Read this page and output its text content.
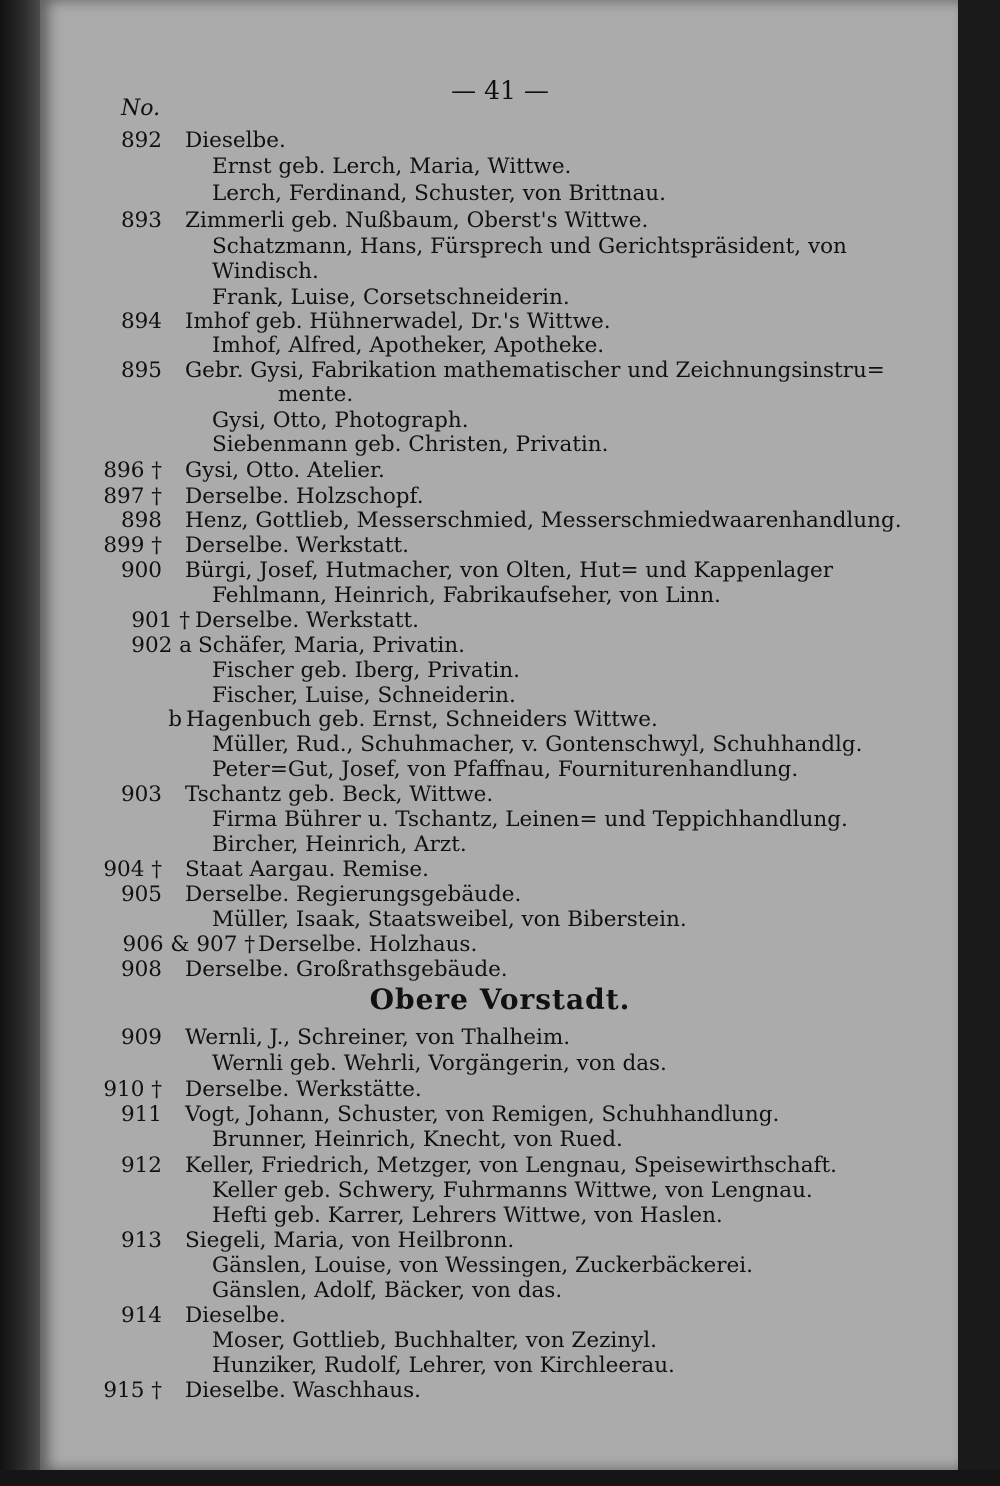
— 41 —
No.
892 Dieselbe.
Ernst geb. Lerch, Maria, Wittwe.
Lerch, Ferdinand, Schuster, von Brittnau.
893 Zimmerli geb. Nußbaum, Oberst's Wittwe.
Schatzmann, Hans, Fürsprech und Gerichtspräsident, von
Windisch.
Frank, Luise, Corsetschneiderin.
894 Imhof geb. Hühnerwadel, Dr.'s Wittwe.
Imhof, Alfred, Apotheker, Apotheke.
895 Gebr. Gysi, Fabrikation mathematischer und Zeichnungsinstru=
mente.
Gysi, Otto, Photograph.
Siebenmann geb. Christen, Privatin.
896 † Gysi, Otto. Atelier.
897 † Derselbe. Holzschopf.
898 Henz, Gottlieb, Messerschmied, Messerschmiedwaarenhandlung.
899 † Derselbe. Werkstatt.
900 Bürgi, Josef, Hutmacher, von Olten, Hut= und Kappenlager
Fehlmann, Heinrich, Fabrikaufseher, von Linn.
901 † Derselbe. Werkstatt.
902 a Schäfer, Maria, Privatin.
Fischer geb. Iberg, Privatin.
Fischer, Luise, Schneiderin.
b Hagenbuch geb. Ernst, Schneiders Wittwe.
Müller, Rud., Schuhmacher, v. Gontenschwyl, Schuhhandlg.
Peter=Gut, Josef, von Pfaffnau, Fourniturenhandlung.
903 Tschantz geb. Beck, Wittwe.
Firma Bührer u. Tschantz, Leinen= und Teppichhandlung.
Bircher, Heinrich, Arzt.
904 † Staat Aargau. Remise.
905 Derselbe. Regierungsgebäude.
Müller, Isaak, Staatsweibel, von Biberstein.
906 & 907 † Derselbe. Holzhaus.
908 Derselbe. Großrathsgebäude.
909 Wernli, J., Schreiner, von Thalheim.
Wernli geb. Wehrli, Vorgängerin, von das.
910 † Derselbe. Werkstätte.
911 Vogt, Johann, Schuster, von Remigen, Schuhhandlung.
Brunner, Heinrich, Knecht, von Rued.
912 Keller, Friedrich, Metzger, von Lengnau, Speisewirthschaft.
Keller geb. Schwery, Fuhrmanns Wittwe, von Lengnau.
Hefti geb. Karrer, Lehrers Wittwe, von Haslen.
913 Siegeli, Maria, von Heilbronn.
Gänslen, Louise, von Wessingen, Zuckerbäckerei.
Gänslen, Adolf, Bäcker, von das.
914 Dieselbe.
Moser, Gottlieb, Buchhalter, von Zezinyl.
Hunziker, Rudolf, Lehrer, von Kirchleerau.
915 † Dieselbe. Waschhaus.
Obere Vorstadt.
